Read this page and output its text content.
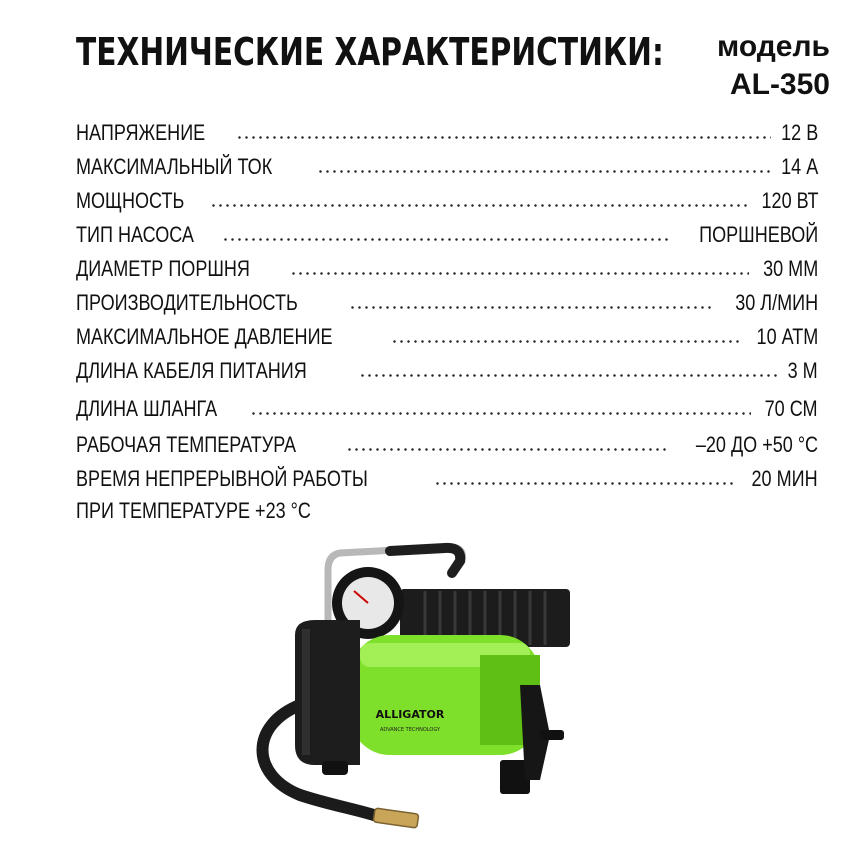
ТЕХНИЧЕСКИЕ ХАРАКТЕРИСТИКИ: модель
AL-350
НАПРЯЖЕНИЕ	12 В
МАКСИМАЛЬНЫЙ ТОК	14 А
МОЩНОСТЬ	120 ВТ
ТИП НАСОСА	ПОРШНЕВОЙ
ДИАМЕТР ПОРШНЯ	30 ММ
ПРОИЗВОДИТЕЛЬНОСТЬ	30 Л/МИН
МАКСИМАЛЬНОЕ ДАВЛЕНИЕ	10 АТМ
ДЛИНА КАБЕЛЯ ПИТАНИЯ	3 М
ДЛИНА ШЛАНГА	70 СМ
РАБОЧАЯ ТЕМПЕРАТУРА	–20 ДО +50 °С
ВРЕМЯ НЕПРЕРЫВНОЙ РАБОТЫ	20 МИН
ПРИ ТЕМПЕРАТУРЕ +23 °С
ALLIGATOR
ADVANCE TECHNOLOGY
